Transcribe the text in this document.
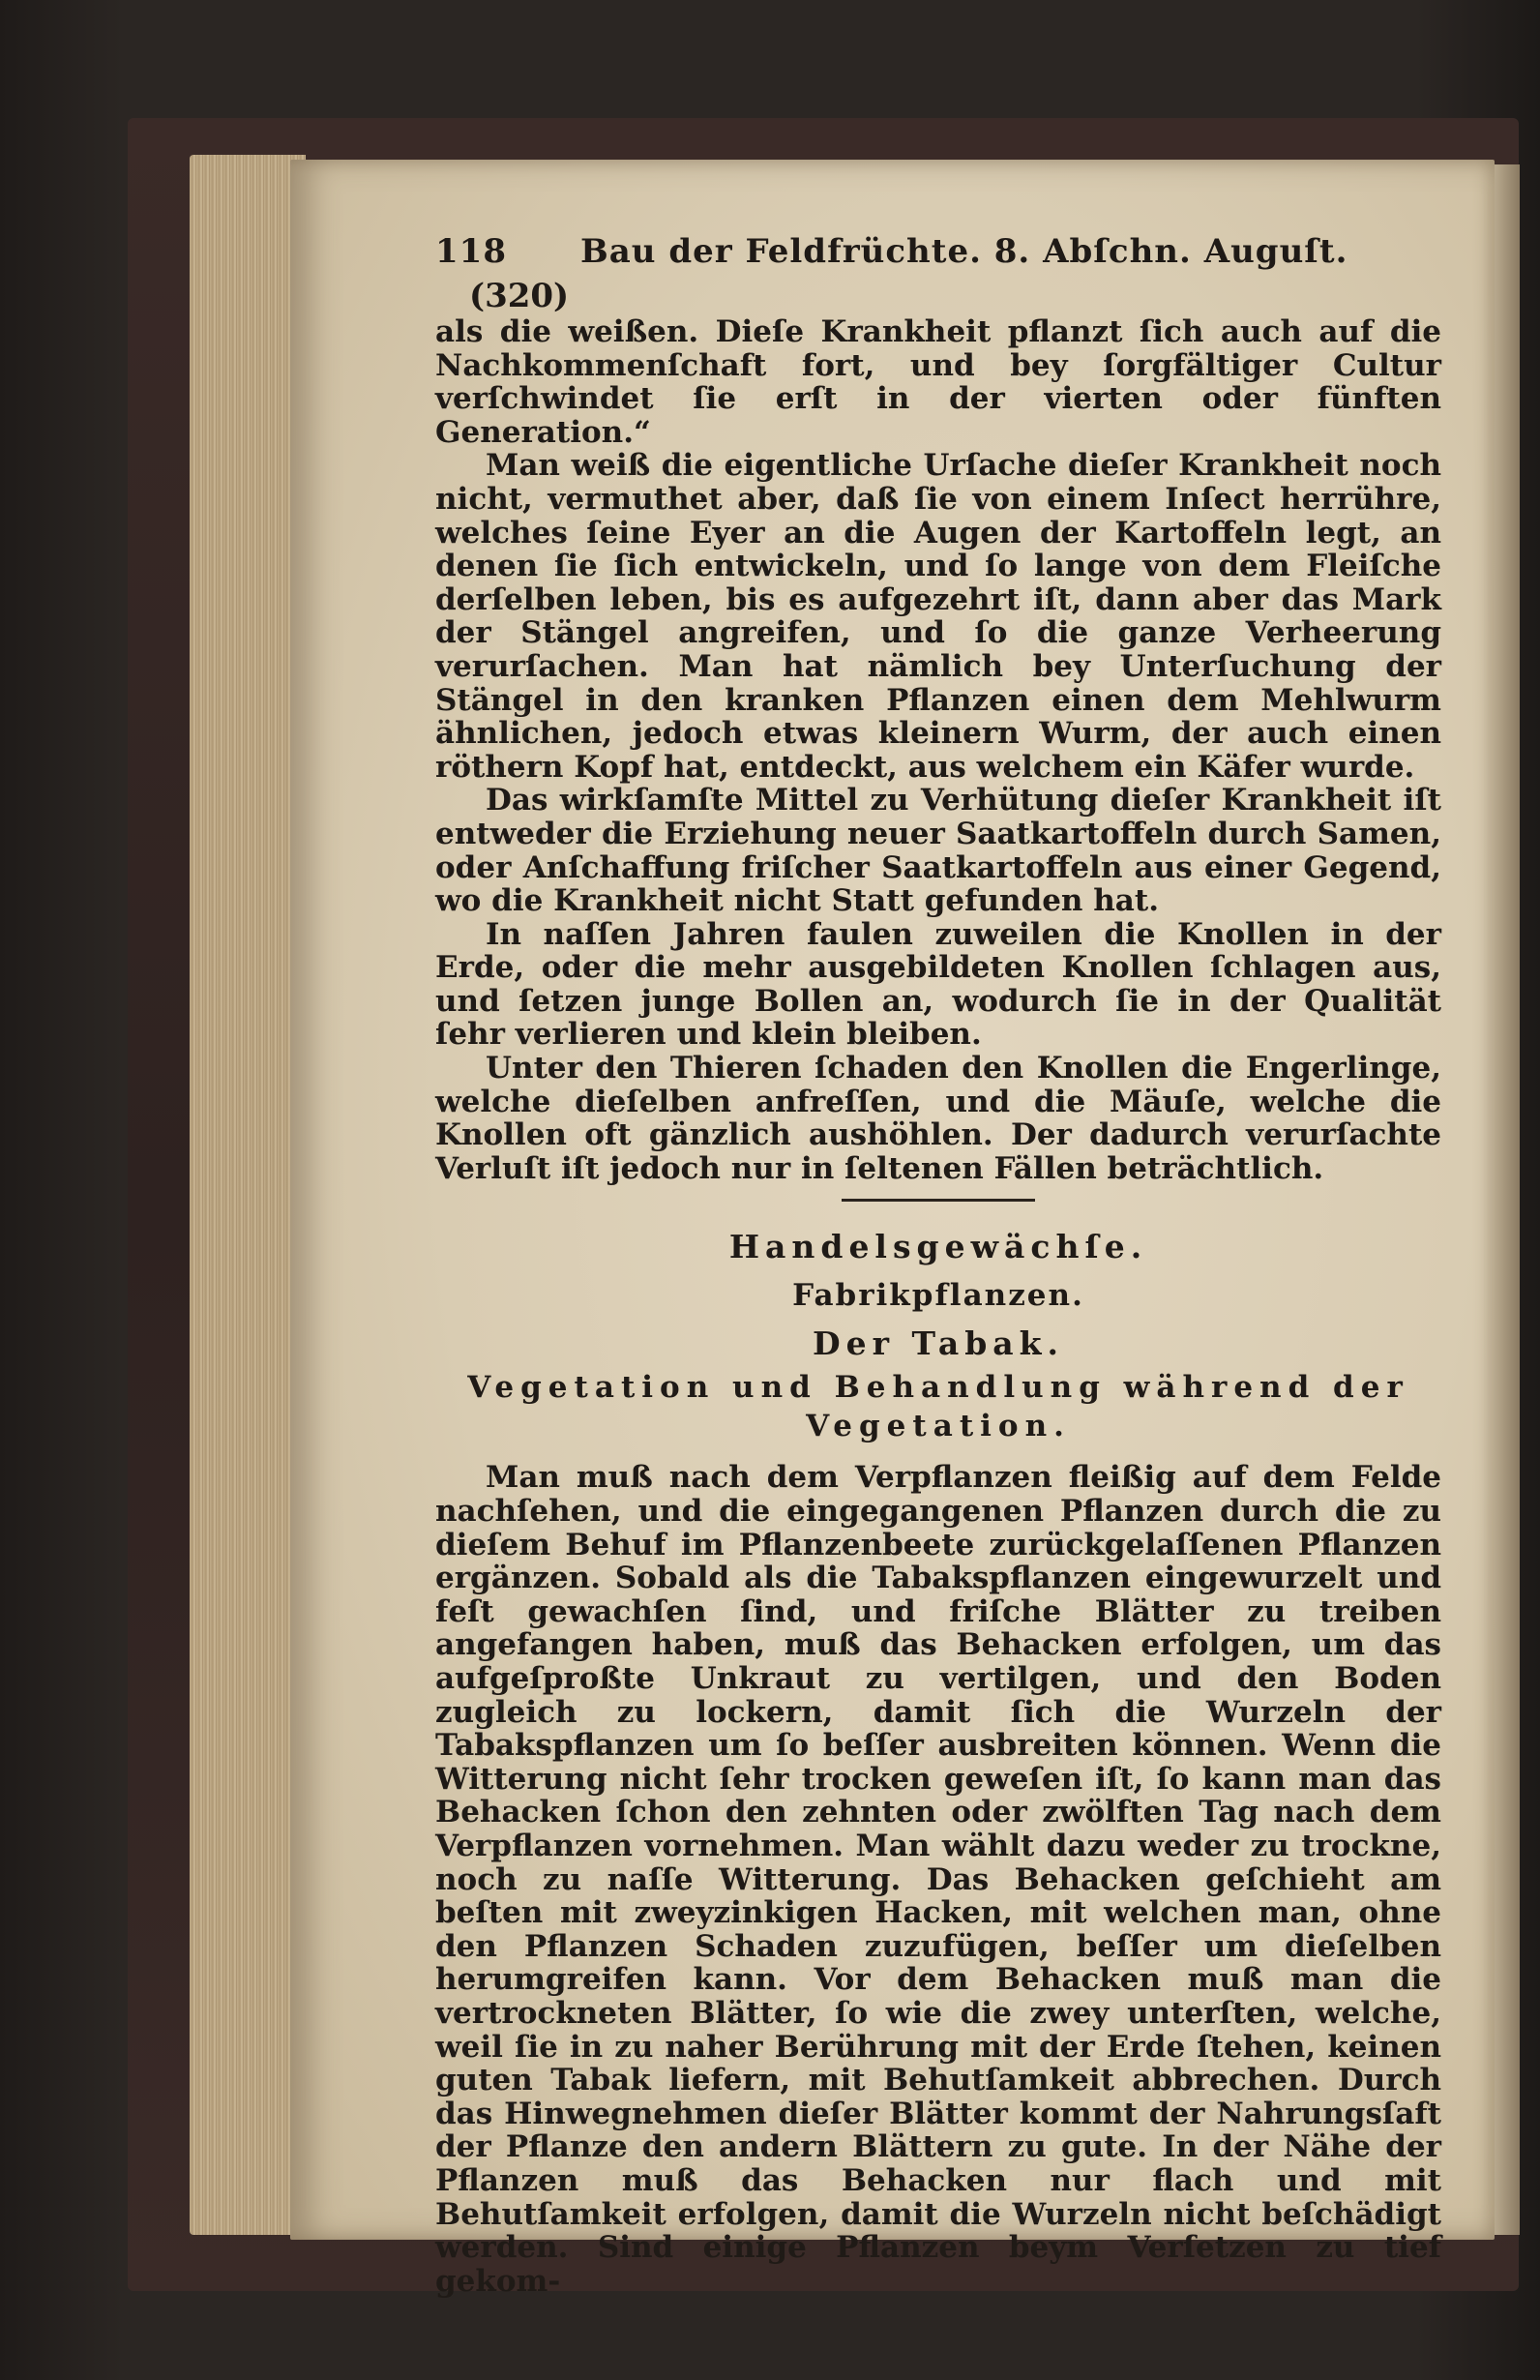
118	Bau der Feldfrüchte. 8. Abſchn. Auguſt.
(320)

als die weißen. Dieſe Krankheit pflanzt ſich auch auf die Nachkommenſchaft fort, und bey ſorgfältiger Cultur verſchwindet ſie erſt in der vierten oder fünften Generation.“

Man weiß die eigentliche Urſache dieſer Krankheit noch nicht, vermuthet aber, daß ſie von einem Inſect herrühre, welches ſeine Eyer an die Augen der Kartoffeln legt, an denen ſie ſich entwickeln, und ſo lange von dem Fleiſche derſelben leben, bis es aufgezehrt iſt, dann aber das Mark der Stängel angreifen, und ſo die ganze Verheerung verurſachen. Man hat nämlich bey Unterſuchung der Stängel in den kranken Pflanzen einen dem Mehlwurm ähnlichen, jedoch etwas kleinern Wurm, der auch einen röthern Kopf hat, entdeckt, aus welchem ein Käfer wurde.

Das wirkſamſte Mittel zu Verhütung dieſer Krankheit iſt entweder die Erziehung neuer Saatkartoffeln durch Samen, oder Anſchaffung friſcher Saatkartoffeln aus einer Gegend, wo die Krankheit nicht Statt gefunden hat.

In naſſen Jahren faulen zuweilen die Knollen in der Erde, oder die mehr ausgebildeten Knollen ſchlagen aus, und ſetzen junge Bollen an, wodurch ſie in der Qualität ſehr verlieren und klein bleiben.

Unter den Thieren ſchaden den Knollen die Engerlinge, welche dieſelben anfreſſen, und die Mäuſe, welche die Knollen oft gänzlich aushöhlen. Der dadurch verurſachte Verluſt iſt jedoch nur in ſeltenen Fällen beträchtlich.

Handelsgewächſe.
Fabrikpflanzen.
Der Tabak.
Vegetation und Behandlung während der Vegetation.

Man muß nach dem Verpflanzen fleißig auf dem Felde nachſehen, und die eingegangenen Pflanzen durch die zu dieſem Behuf im Pflanzenbeete zurückgelaſſenen Pflanzen ergänzen. Sobald als die Tabakspflanzen eingewurzelt und feſt gewachſen ſind, und friſche Blätter zu treiben angefangen haben, muß das Behacken erfolgen, um das aufgeſproßte Unkraut zu vertilgen, und den Boden zugleich zu lockern, damit ſich die Wurzeln der Tabakspflanzen um ſo beſſer ausbreiten können. Wenn die Witterung nicht ſehr trocken geweſen iſt, ſo kann man das Behacken ſchon den zehnten oder zwölften Tag nach dem Verpflanzen vornehmen. Man wählt dazu weder zu trockne, noch zu naſſe Witterung. Das Behacken geſchieht am beſten mit zweyzinkigen Hacken, mit welchen man, ohne den Pflanzen Schaden zuzufügen, beſſer um dieſelben herumgreifen kann. Vor dem Behacken muß man die vertrockneten Blätter, ſo wie die zwey unterſten, welche, weil ſie in zu naher Berührung mit der Erde ſtehen, keinen guten Tabak liefern, mit Behutſamkeit abbrechen. Durch das Hinwegnehmen dieſer Blätter kommt der Nahrungsſaft der Pflanze den andern Blättern zu gute. In der Nähe der Pflanzen muß das Behacken nur flach und mit Behutſamkeit erfolgen, damit die Wurzeln nicht beſchädigt werden. Sind einige Pflanzen beym Verſetzen zu tief gekom-
